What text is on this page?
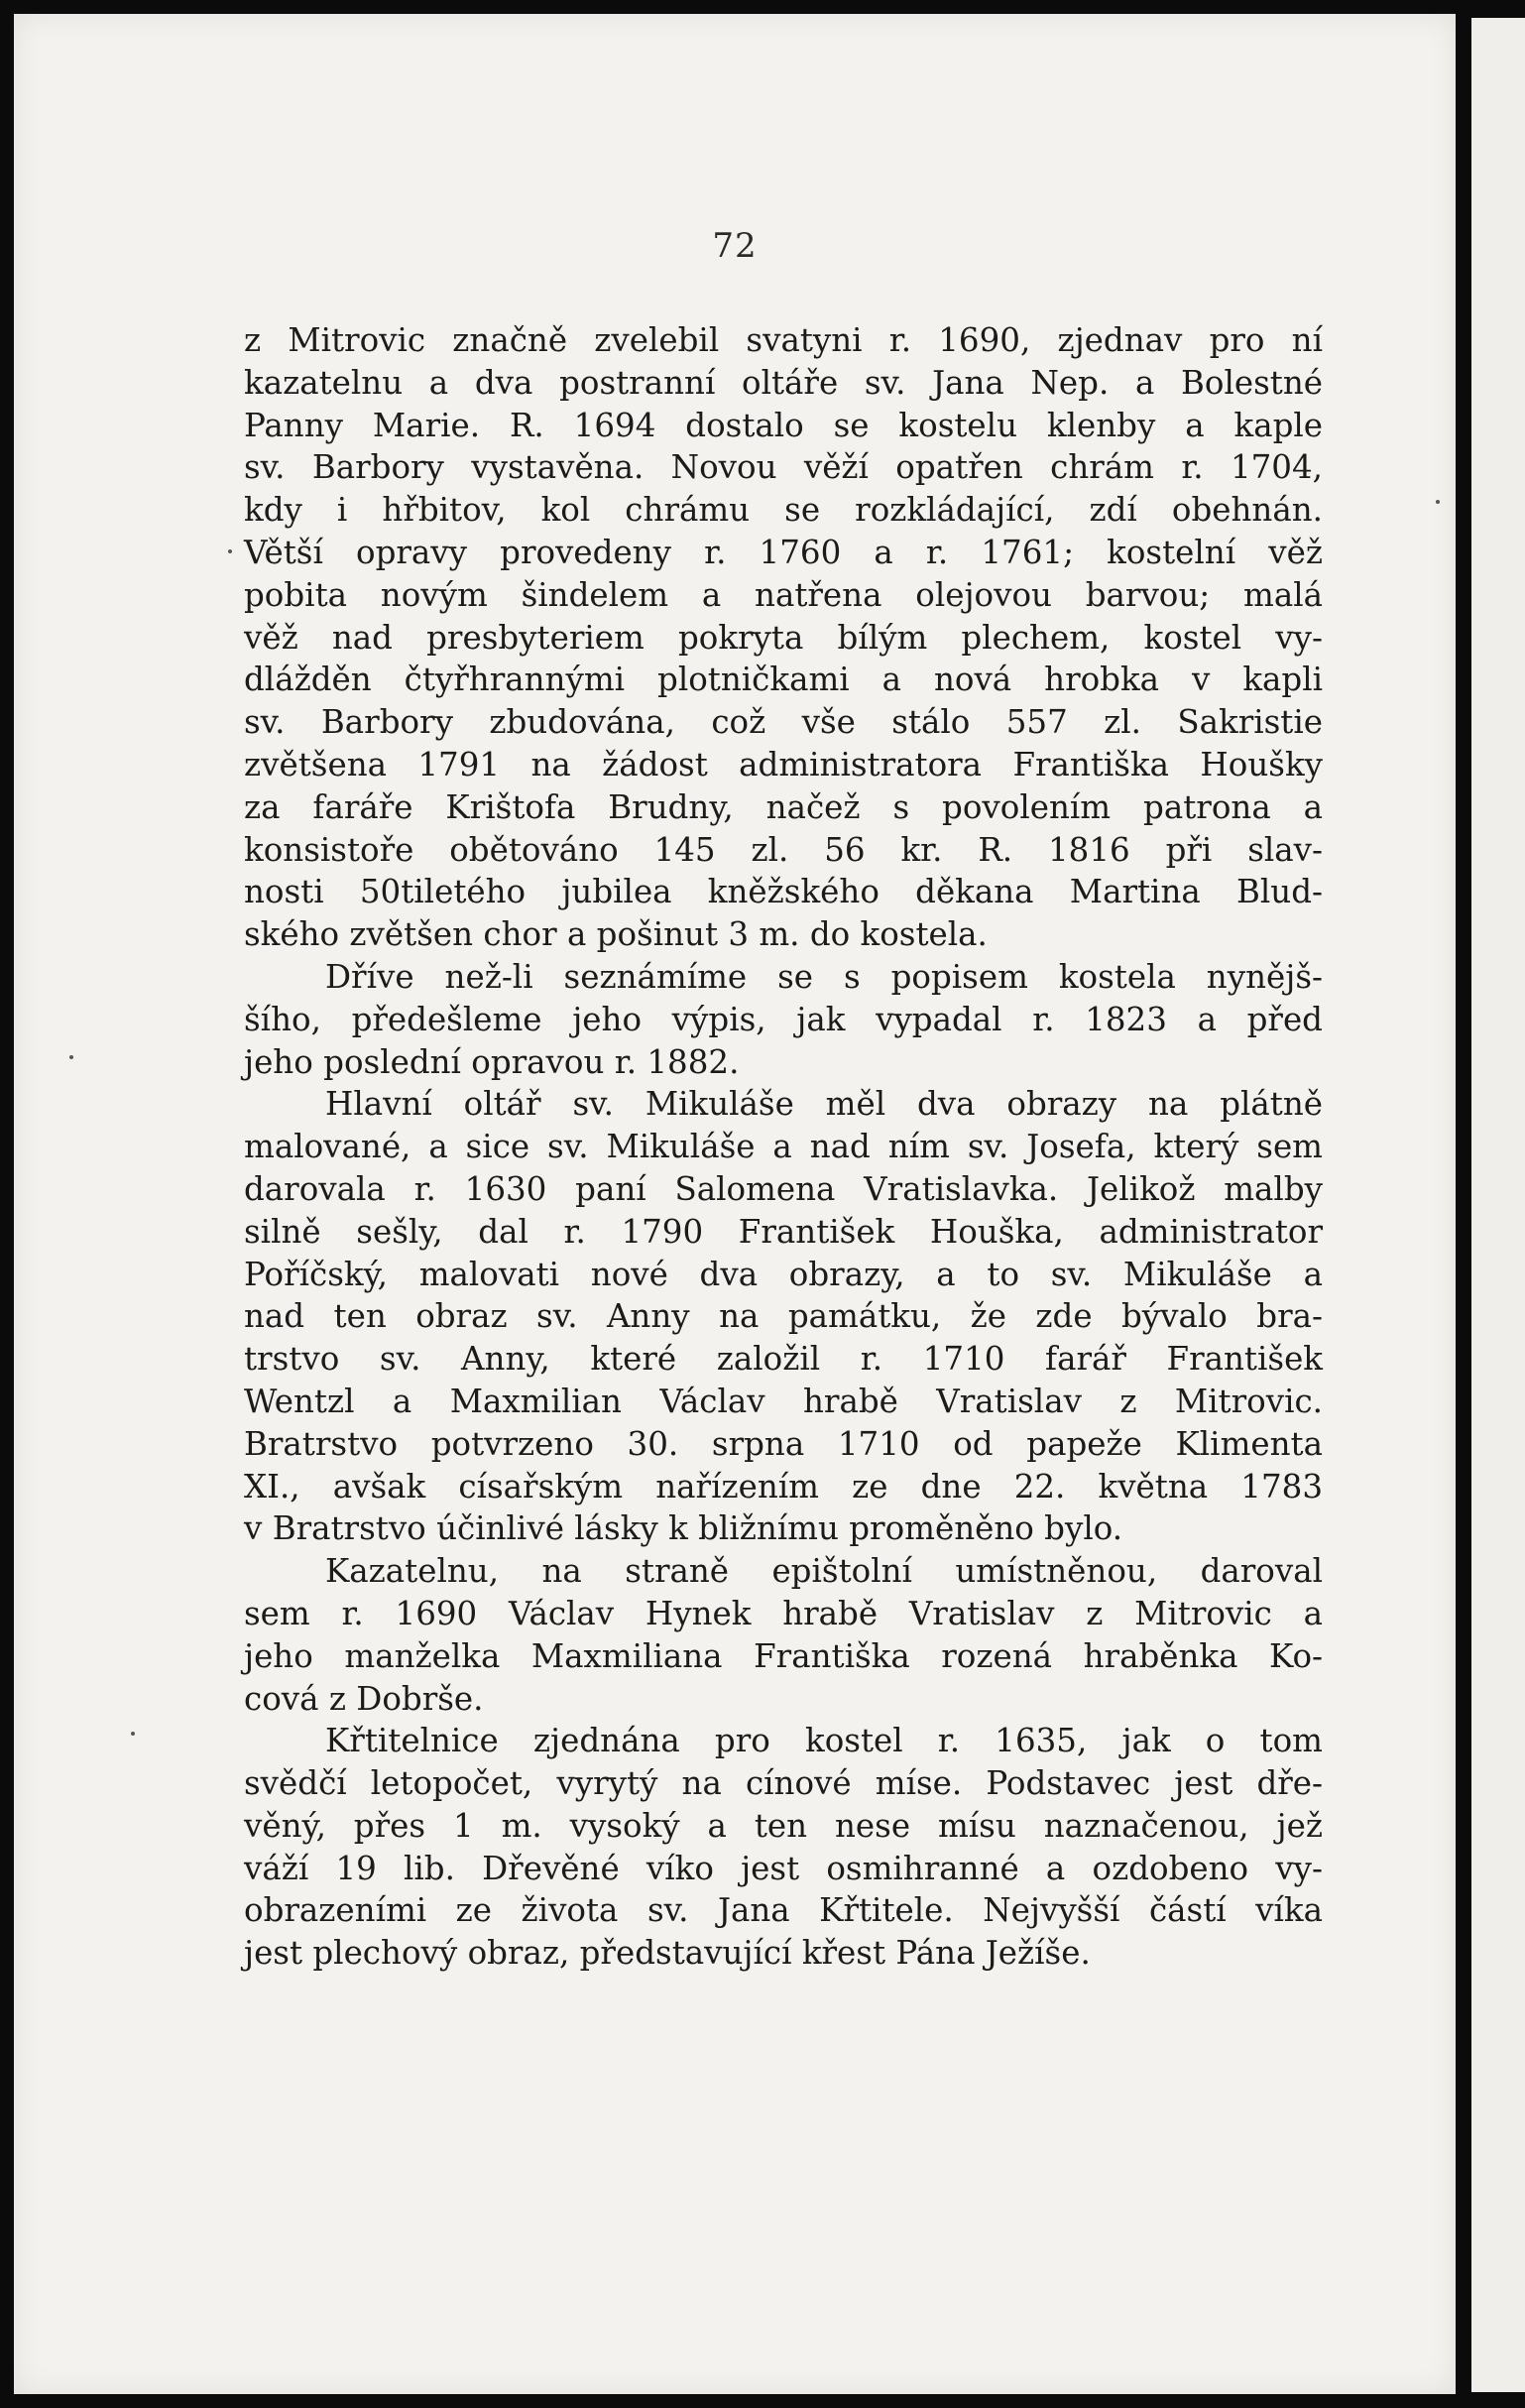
72
z Mitrovic značně zvelebil svatyni r. 1690, zjednav pro ní
kazatelnu a dva postranní oltáře sv. Jana Nep. a Bolestné
Panny Marie. R. 1694 dostalo se kostelu klenby a kaple
sv. Barbory vystavěna. Novou věží opatřen chrám r. 1704,
kdy i hřbitov, kol chrámu se rozkládající, zdí obehnán.
Větší opravy provedeny r. 1760 a r. 1761; kostelní věž
pobita novým šindelem a natřena olejovou barvou; malá
věž nad presbyteriem pokryta bílým plechem, kostel vy-
dlážděn čtyřhrannými plotničkami a nová hrobka v kapli
sv. Barbory zbudována, což vše stálo 557 zl. Sakristie
zvětšena 1791 na žádost administratora Františka Houšky
za faráře Krištofa Brudny, načež s povolením patrona a
konsistoře obětováno 145 zl. 56 kr. R. 1816 při slav-
nosti 50tiletého jubilea kněžského děkana Martina Blud-
ského zvětšen chor a pošinut 3 m. do kostela.
Dříve než-li seznámíme se s popisem kostela nynějš-
šího, předešleme jeho výpis, jak vypadal r. 1823 a před
jeho poslední opravou r. 1882.
Hlavní oltář sv. Mikuláše měl dva obrazy na plátně
malované, a sice sv. Mikuláše a nad ním sv. Josefa, který sem
darovala r. 1630 paní Salomena Vratislavka. Jelikož malby
silně sešly, dal r. 1790 František Houška, administrator
Poříčský, malovati nové dva obrazy, a to sv. Mikuláše a
nad ten obraz sv. Anny na památku, že zde bývalo bra-
trstvo sv. Anny, které založil r. 1710 farář František
Wentzl a Maxmilian Václav hrabě Vratislav z Mitrovic.
Bratrstvo potvrzeno 30. srpna 1710 od papeže Klimenta
XI., avšak císařským nařízením ze dne 22. května 1783
v Bratrstvo účinlivé lásky k bližnímu proměněno bylo.
Kazatelnu, na straně epištolní umístněnou, daroval
sem r. 1690 Václav Hynek hrabě Vratislav z Mitrovic a
jeho manželka Maxmiliana Františka rozená hraběnka Ko-
cová z Dobrše.
Křtitelnice zjednána pro kostel r. 1635, jak o tom
svědčí letopočet, vyrytý na cínové míse. Podstavec jest dře-
věný, přes 1 m. vysoký a ten nese mísu naznačenou, jež
váží 19 lib. Dřevěné víko jest osmihranné a ozdobeno vy-
obrazeními ze života sv. Jana Křtitele. Nejvyšší částí víka
jest plechový obraz, představující křest Pána Ježíše.
